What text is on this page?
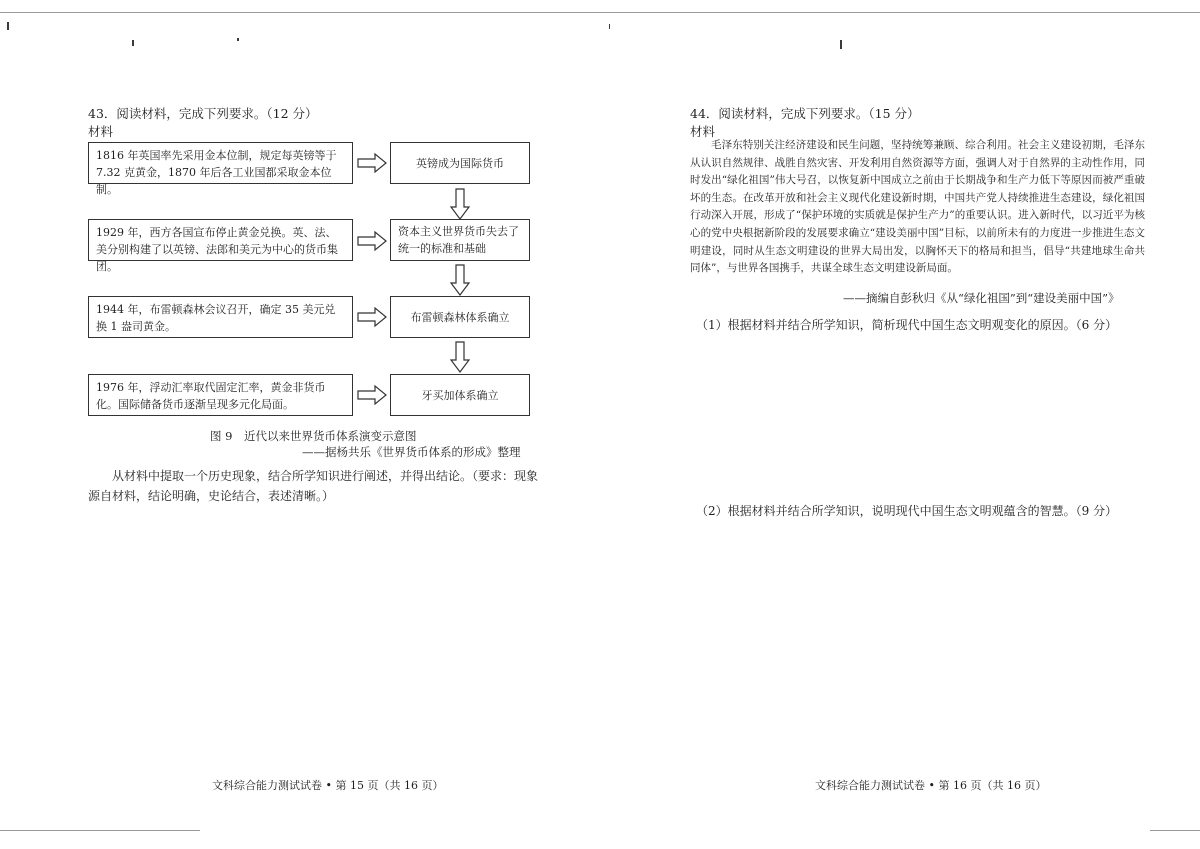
43．阅读材料，完成下列要求。（12 分）
材料
1816 年英国率先采用金本位制，规定每英镑等于 7.32 克黄金，1870 年后各工业国都采取金本位制。
英镑成为国际货币
1929 年，西方各国宣布停止黄金兑换。英、法、美分别构建了以英镑、法郎和美元为中心的货币集团。
资本主义世界货币失去了统一的标准和基础
1944 年，布雷顿森林会议召开，确定 35 美元兑换 1 盎司黄金。
布雷顿森林体系确立
1976 年，浮动汇率取代固定汇率，黄金非货币化。国际储备货币逐渐呈现多元化局面。
牙买加体系确立
图 9　近代以来世界货币体系演变示意图
——据杨共乐《世界货币体系的形成》整理
从材料中提取一个历史现象，结合所学知识进行阐述，并得出结论。（要求：现象源自材料，结论明确，史论结合，表述清晰。）
文科综合能力测试试卷 • 第 15 页（共 16 页）
44．阅读材料，完成下列要求。（15 分）
材料
毛泽东特别关注经济建设和民生问题，坚持统筹兼顾、综合利用。社会主义建设初期，毛泽东从认识自然规律、战胜自然灾害、开发利用自然资源等方面，强调人对于自然界的主动性作用，同时发出“绿化祖国”伟大号召，以恢复新中国成立之前由于长期战争和生产力低下等原因而被严重破坏的生态。在改革开放和社会主义现代化建设新时期，中国共产党人持续推进生态建设，绿化祖国行动深入开展，形成了“保护环境的实质就是保护生产力”的重要认识。进入新时代，以习近平为核心的党中央根据新阶段的发展要求确立“建设美丽中国”目标，以前所未有的力度进一步推进生态文明建设，同时从生态文明建设的世界大局出发，以胸怀天下的格局和担当，倡导“共建地球生命共同体”，与世界各国携手，共谋全球生态文明建设新局面。
——摘编自彭秋归《从“绿化祖国”到“建设美丽中国”》
（1）根据材料并结合所学知识，简析现代中国生态文明观变化的原因。（6 分）
（2）根据材料并结合所学知识，说明现代中国生态文明观蕴含的智慧。（9 分）
文科综合能力测试试卷 • 第 16 页（共 16 页）
